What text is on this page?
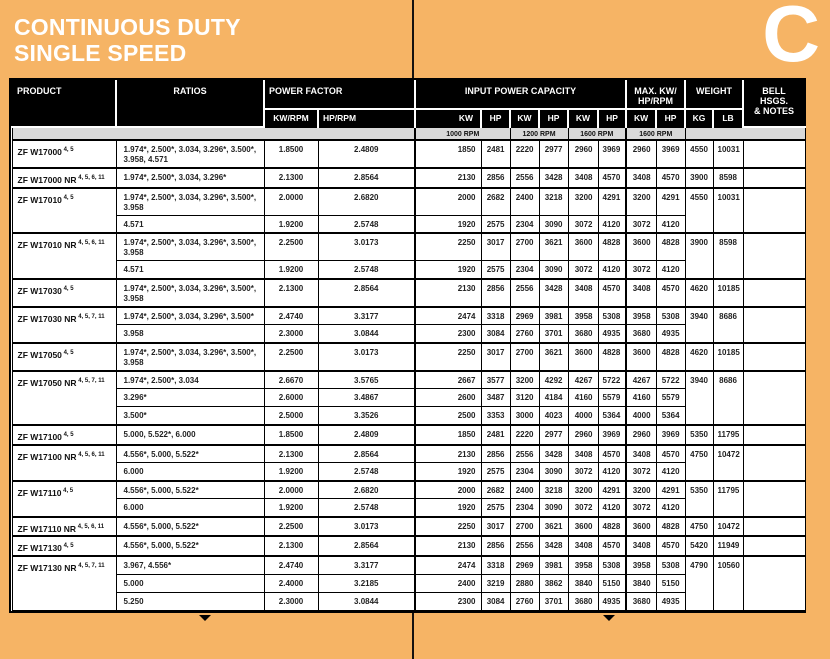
CONTINUOUS DUTY
SINGLE SPEED	C
PRODUCT	RATIOS	POWER FACTOR		INPUT POWER CAPACITY						MAX. KW/
HP/RPM		WEIGHT		BELL HSGS.
& NOTES

		KW/RPM	HP/RPM	KW	HP	KW	HP	KW	HP	KW	HP	KG	LB	
				1000 RPM		1200 RPM		1600 RPM		1600 RPM				
ZF W17000 $^{4, 5}$	1.974*, 2.500*, 3.034, 3.296*, 3.500*, 3.958, 4.571	1.8500	2.4809	1850	2481	2220	2977	2960	3969	2960	3969	4550	10031	
ZF W17000 NR $^{4, 5, 6, 11}$	1.974*, 2.500*, 3.034, 3.296*	2.1300	2.8564	2130	2856	2556	3428	3408	4570	3408	4570	3900	8598	
ZF W17010 $^{4, 5}$	1.974*, 2.500*, 3.034, 3.296*, 3.500*, 3.958	2.0000	2.6820	2000	2682	2400	3218	3200	4291	3200	4291	4550	10031	
	4.571	1.9200	2.5748	1920	2575	2304	3090	3072	4120	3072	4120			
ZF W17010 NR $^{4, 5, 6, 11}$	1.974*, 2.500*, 3.034, 3.296*, 3.500*, 3.958	2.2500	3.0173	2250	3017	2700	3621	3600	4828	3600	4828	3900	8598	
	4.571	1.9200	2.5748	1920	2575	2304	3090	3072	4120	3072	4120			
ZF W17030 $^{4, 5}$	1.974*, 2.500*, 3.034, 3.296*, 3.500*, 3.958	2.1300	2.8564	2130	2856	2556	3428	3408	4570	3408	4570	4620	10185	
ZF W17030 NR $^{4, 5, 7, 11}$	1.974*, 2.500*, 3.034, 3.296*, 3.500*	2.4740	3.3177	2474	3318	2969	3981	3958	5308	3958	5308	3940	8686	
	3.958	2.3000	3.0844	2300	3084	2760	3701	3680	4935	3680	4935			
ZF W17050 $^{4, 5}$	1.974*, 2.500*, 3.034, 3.296*, 3.500*, 3.958	2.2500	3.0173	2250	3017	2700	3621	3600	4828	3600	4828	4620	10185	
ZF W17050 NR $^{4, 5, 7, 11}$	1.974*, 2.500*, 3.034	2.6670	3.5765	2667	3577	3200	4292	4267	5722	4267	5722	3940	8686	
	3.296*	2.6000	3.4867	2600	3487	3120	4184	4160	5579	4160	5579			
	3.500*	2.5000	3.3526	2500	3353	3000	4023	4000	5364	4000	5364			
ZF W17100 $^{4, 5}$	5.000, 5.522*, 6.000	1.8500	2.4809	1850	2481	2220	2977	2960	3969	2960	3969	5350	11795	
ZF W17100 NR $^{4, 5, 6, 11}$	4.556*, 5.000, 5.522*	2.1300	2.8564	2130	2856	2556	3428	3408	4570	3408	4570	4750	10472	
	6.000	1.9200	2.5748	1920	2575	2304	3090	3072	4120	3072	4120			
ZF W17110 $^{4, 5}$	4.556*, 5.000, 5.522*	2.0000	2.6820	2000	2682	2400	3218	3200	4291	3200	4291	5350	11795	
	6.000	1.9200	2.5748	1920	2575	2304	3090	3072	4120	3072	4120			
ZF W17110 NR $^{4, 5, 6, 11}$	4.556*, 5.000, 5.522*	2.2500	3.0173	2250	3017	2700	3621	3600	4828	3600	4828	4750	10472	
ZF W17130 $^{4, 5}$	4.556*, 5.000, 5.522*	2.1300	2.8564	2130	2856	2556	3428	3408	4570	3408	4570	5420	11949	
ZF W17130 NR $^{4, 5, 7, 11}$	3.967, 4.556*	2.4740	3.3177	2474	3318	2969	3981	3958	5308	3958	5308	4790	10560	
	5.000	2.4000	3.2185	2400	3219	2880	3862	3840	5150	3840	5150			
	5.250	2.3000	3.0844	2300	3084	2760	3701	3680	4935	3680	4935			
